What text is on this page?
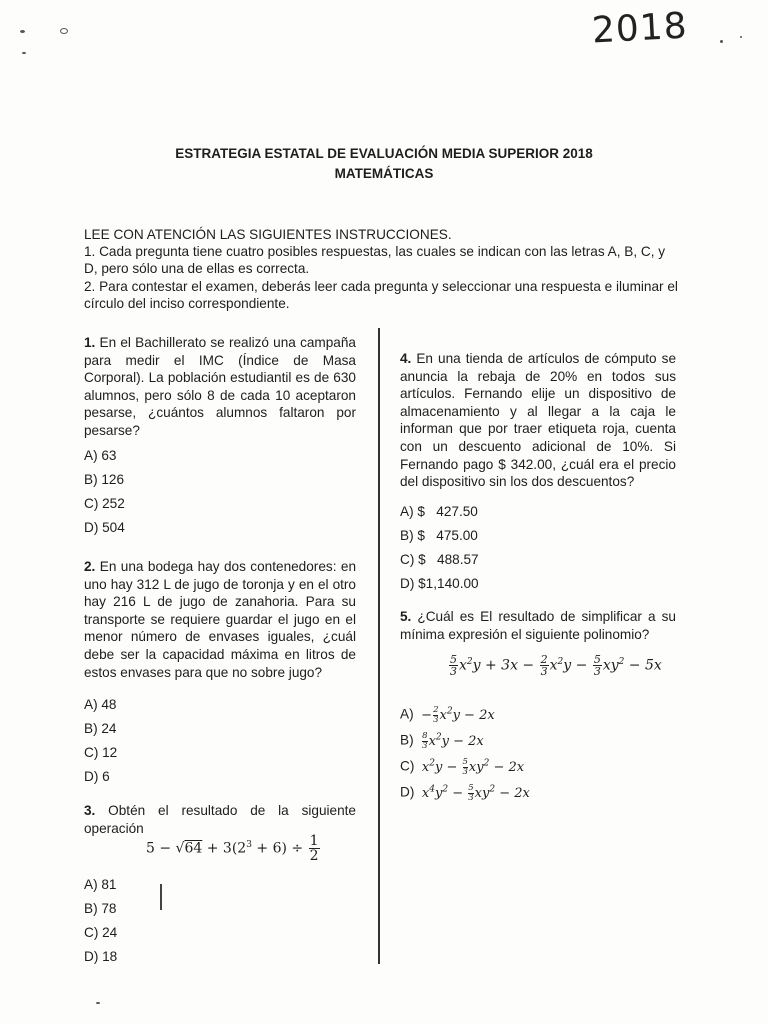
2018
ESTRATEGIA ESTATAL DE EVALUACIÓN MEDIA SUPERIOR 2018
MATEMÁTICAS
LEE CON ATENCIÓN LAS SIGUIENTES INSTRUCCIONES.
1. Cada pregunta tiene cuatro posibles respuestas, las cuales se indican con las letras A, B, C, y D, pero sólo una de ellas es correcta.
2. Para contestar el examen, deberás leer cada pregunta y seleccionar una respuesta e iluminar el círculo del inciso correspondiente.
1. En el Bachillerato se realizó una campaña para medir el IMC (Índice de Masa Corporal). La población estudiantil es de 630 alumnos, pero sólo 8 de cada 10 aceptaron pesarse, ¿cuántos alumnos faltaron por pesarse?
A) 63
B) 126
C) 252
D) 504
2. En una bodega hay dos contenedores: en uno hay 312 L de jugo de toronja y en el otro hay 216 L de jugo de zanahoria. Para su transporte se requiere guardar el jugo en el menor número de envases iguales, ¿cuál debe ser la capacidad máxima en litros de estos envases para que no sobre jugo?
A) 48
B) 24
C) 12
D) 6
3. Obtén el resultado de la siguiente operación
$5 - √64 + 3(2^3 + 6) \div \frac{1}{2}$
A) 81
B) 78
C) 24
D) 18
4. En una tienda de artículos de cómputo se anuncia la rebaja de 20% en todos sus artículos. Fernando elije un dispositivo de almacenamiento y al llegar a la caja le informan que por traer etiqueta roja, cuenta con un descuento adicional de 10%. Si Fernando pago $ 342.00, ¿cuál era el precio del dispositivo sin los dos descuentos?
A) $   427.50
B) $   475.00
C) $   488.57
D) $1,140.00
5. ¿Cuál es El resultado de simplificar a su mínima expresión el siguiente polinomio?
$\frac{5}{3} x^2y + 3x - \frac{2}{3} x^2y - \frac{5}{3} xy^2 - 5x$
$A) - \frac{2}{3} x^2y - 2x$
$B) \frac{8}{3} x^2y - 2x$
C)  $x^2y - \frac{5}{3} xy^2 - 2x$
D)  $x^4y^2 - \frac{5}{3} xy^2 - 2x$
